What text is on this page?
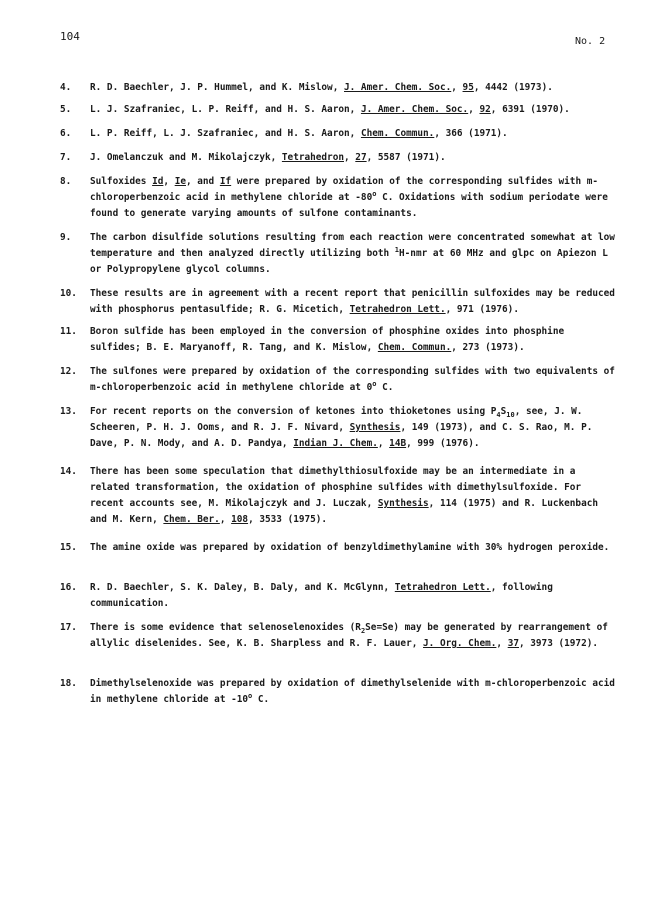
104	No. 2
4.	R. D. Baechler, J. P. Hummel, and K. Mislow, J. Amer. Chem. Soc., 95, 4442 (1973).
5.	L. J. Szafraniec, L. P. Reiff, and H. S. Aaron, J. Amer. Chem. Soc., 92, 6391 (1970).
6.	L. P. Reiff, L. J. Szafraniec, and H. S. Aaron, Chem. Commun., 366 (1971).
7.	J. Omelanczuk and M. Mikolajczyk, Tetrahedron, 27, 5587 (1971).
8.	Sulfoxides Id, Ie, and If were prepared by oxidation of the corresponding sulfides with m-chloroperbenzoic acid in methylene chloride at -80$^o$ C. Oxidations with sodium periodate were found to generate varying amounts of sulfone contaminants.
9.	The carbon disulfide solutions resulting from each reaction were concentrated somewhat at low temperature and then analyzed directly utilizing both $^1$H-nmr at 60 MHz and glpc on Apiezon L or Polypropylene glycol columns.
10.	These results are in agreement with a recent report that penicillin sulfoxides may be reduced with phosphorus pentasulfide; R. G. Micetich, Tetrahedron Lett., 971 (1976).
11.	Boron sulfide has been employed in the conversion of phosphine oxides into phosphine sulfides; B. E. Maryanoff, R. Tang, and K. Mislow, Chem. Commun., 273 (1973).
12.	The sulfones were prepared by oxidation of the corresponding sulfides with two equivalents of m-chloroperbenzoic acid in methylene chloride at 0$^o$ C.
13.	For recent reports on the conversion of ketones into thioketones using $P_4S_{10}$, see, J. W. Scheeren, P. H. J. Ooms, and R. J. F. Nivard, Synthesis, 149 (1973), and C. S. Rao, M. P. Dave, P. N. Mody, and A. D. Pandya, Indian J. Chem., 14B, 999 (1976).
14.	There has been some speculation that dimethylthiosulfoxide may be an intermediate in a related transformation, the oxidation of phosphine sulfides with dimethylsulfoxide. For recent accounts see, M. Mikolajczyk and J. Luczak, Synthesis, 114 (1975) and R. Luckenbach and M. Kern, Chem. Ber., 108, 3533 (1975).
15.	The amine oxide was prepared by oxidation of benzyldimethylamine with 30% hydrogen peroxide.
16.	R. D. Baechler, S. K. Daley, B. Daly, and K. McGlynn, Tetrahedron Lett., following communication.
17.	There is some evidence that selenoselenoxides $(R_2Se=Se)$ may be generated by rearrangement of allylic diselenides. See, K. B. Sharpless and R. F. Lauer, J. Org. Chem., 37, 3973 (1972).
18.	Dimethylselenoxide was prepared by oxidation of dimethylselenide with m-chloroperbenzoic acid in methylene chloride at -10$^o$ C.
